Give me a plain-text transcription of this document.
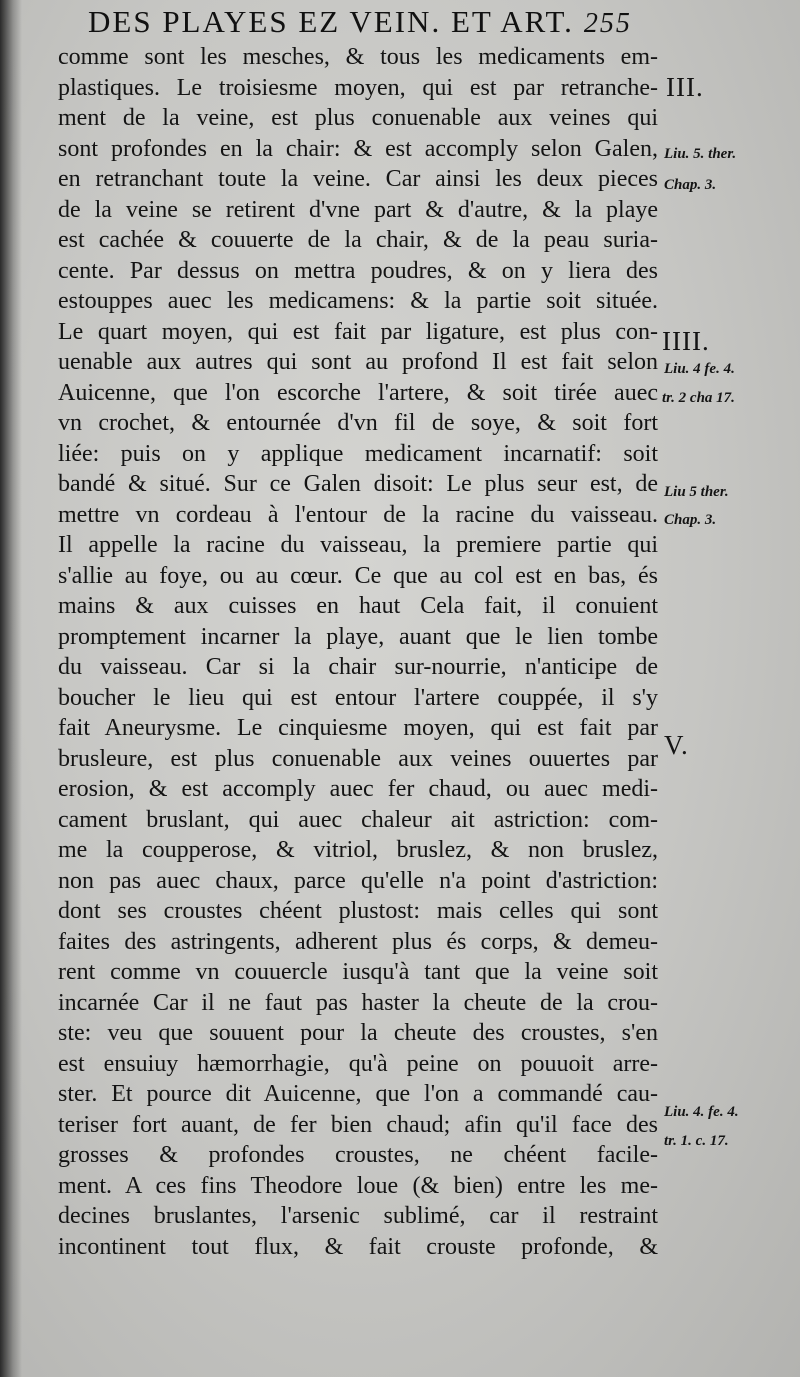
DES PLAYES EZ VEIN. ET ART. 255
comme sont les mesches, & tous les medicaments em-
plastiques. Le troisiesme moyen, qui est par retranche-
ment de la veine, est plus conuenable aux veines qui
sont profondes en la chair: & est accomply selon Galen,
en retranchant toute la veine. Car ainsi les deux pieces
de la veine se retirent d'vne part & d'autre, & la playe
est cachée & couuerte de la chair, & de la peau suria-
cente. Par dessus on mettra poudres, & on y liera des
estouppes auec les medicamens: & la partie soit située.
Le quart moyen, qui est fait par ligature, est plus con-
uenable aux autres qui sont au profond Il est fait selon
Auicenne, que l'on escorche l'artere, & soit tirée auec
vn crochet, & entournée d'vn fil de soye, & soit fort
liée: puis on y applique medicament incarnatif: soit
bandé & situé. Sur ce Galen disoit: Le plus seur est, de
mettre vn cordeau à l'entour de la racine du vaisseau.
Il appelle la racine du vaisseau, la premiere partie qui
s'allie au foye, ou au cœur. Ce que au col est en bas, és
mains & aux cuisses en haut Cela fait, il conuient
promptement incarner la playe, auant que le lien tombe
du vaisseau. Car si la chair sur-nourrie, n'anticipe de
boucher le lieu qui est entour l'artere couppée, il s'y
fait Aneurysme. Le cinquiesme moyen, qui est fait par
brusleure, est plus conuenable aux veines ouuertes par
erosion, & est accomply auec fer chaud, ou auec medi-
cament bruslant, qui auec chaleur ait astriction: com-
me la coupperose, & vitriol, bruslez, & non bruslez,
non pas auec chaux, parce qu'elle n'a point d'astriction:
dont ses croustes chéent plustost: mais celles qui sont
faites des astringents, adherent plus és corps, & demeu-
rent comme vn couuercle iusqu'à tant que la veine soit
incarnée Car il ne faut pas haster la cheute de la crou-
ste: veu que souuent pour la cheute des croustes, s'en
est ensuiuy hæmorrhagie, qu'à peine on pouuoit arre-
ster. Et pource dit Auicenne, que l'on a commandé cau-
teriser fort auant, de fer bien chaud; afin qu'il face des
grosses & profondes croustes, ne chéent facile-
ment. A ces fins Theodore loue (& bien) entre les me-
decines bruslantes, l'arsenic sublimé, car il restraint
incontinent tout flux, & fait crouste profonde, &
III.
Liu. 5. ther.
Chap. 3.
IIII.
Liu. 4 fe. 4.
tr. 2 cha 17.
Liu 5 ther.
Chap. 3.
V.
Liu. 4. fe. 4.
tr. 1. c. 17.
